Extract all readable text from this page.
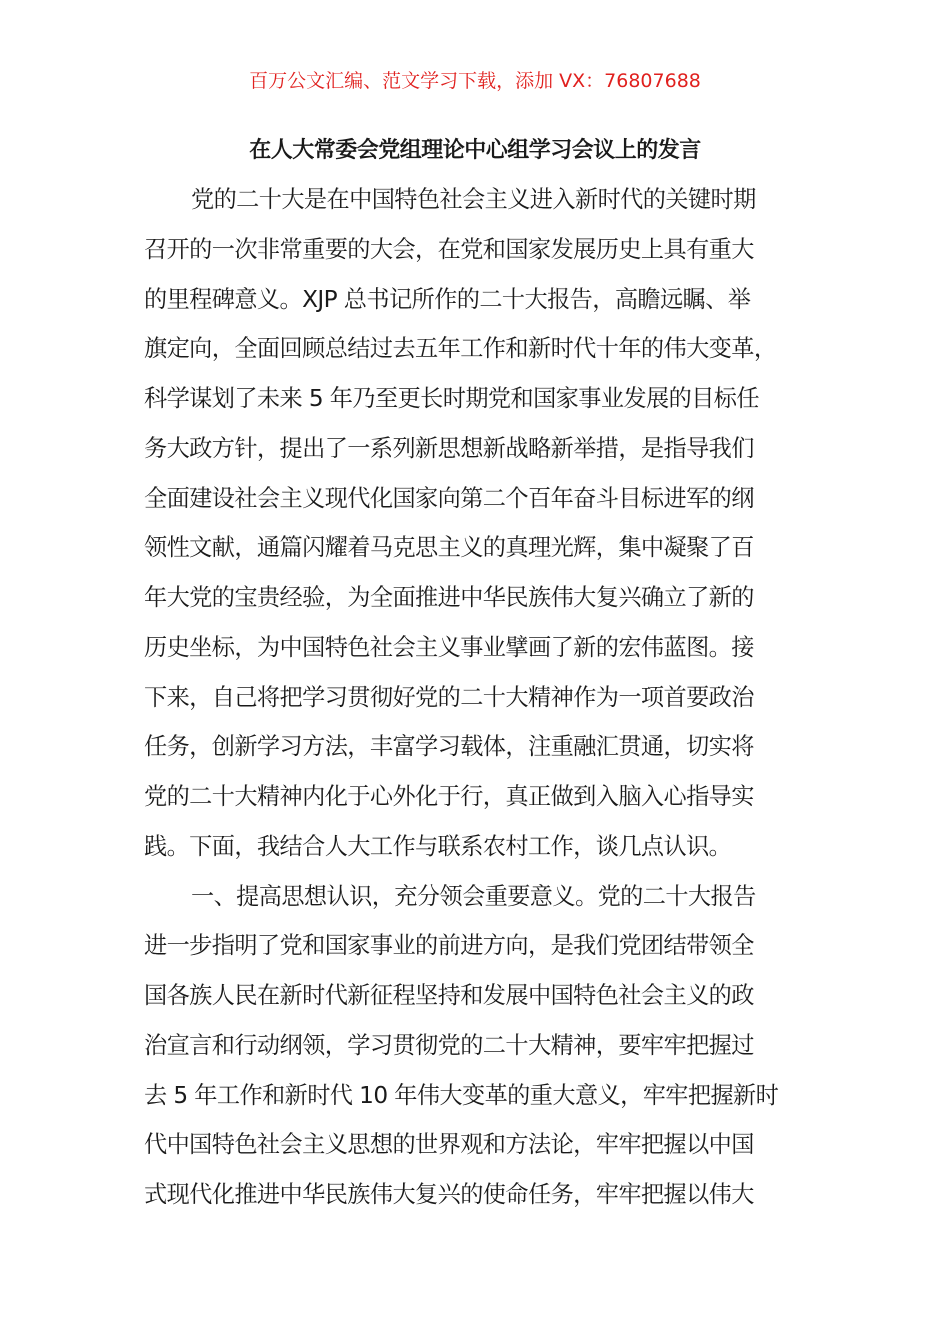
百万公文汇编、范文学习下载，添加 VX：76807688
在人大常委会党组理论中心组学习会议上的发言
党的二十大是在中国特色社会主义进入新时代的关键时期
召开的一次非常重要的大会，在党和国家发展历史上具有重大
的里程碑意义。XJP 总书记所作的二十大报告，高瞻远瞩、举
旗定向，全面回顾总结过去五年工作和新时代十年的伟大变革，
科学谋划了未来 5 年乃至更长时期党和国家事业发展的目标任
务大政方针，提出了一系列新思想新战略新举措，是指导我们
全面建设社会主义现代化国家向第二个百年奋斗目标进军的纲
领性文献，通篇闪耀着马克思主义的真理光辉，集中凝聚了百
年大党的宝贵经验，为全面推进中华民族伟大复兴确立了新的
历史坐标，为中国特色社会主义事业擘画了新的宏伟蓝图。接
下来，自己将把学习贯彻好党的二十大精神作为一项首要政治
任务，创新学习方法，丰富学习载体，注重融汇贯通，切实将
党的二十大精神内化于心外化于行，真正做到入脑入心指导实
践。下面，我结合人大工作与联系农村工作，谈几点认识。
一、提高思想认识，充分领会重要意义。党的二十大报告
进一步指明了党和国家事业的前进方向，是我们党团结带领全
国各族人民在新时代新征程坚持和发展中国特色社会主义的政
治宣言和行动纲领，学习贯彻党的二十大精神，要牢牢把握过
去 5 年工作和新时代 10 年伟大变革的重大意义，牢牢把握新时
代中国特色社会主义思想的世界观和方法论，牢牢把握以中国
式现代化推进中华民族伟大复兴的使命任务，牢牢把握以伟大
